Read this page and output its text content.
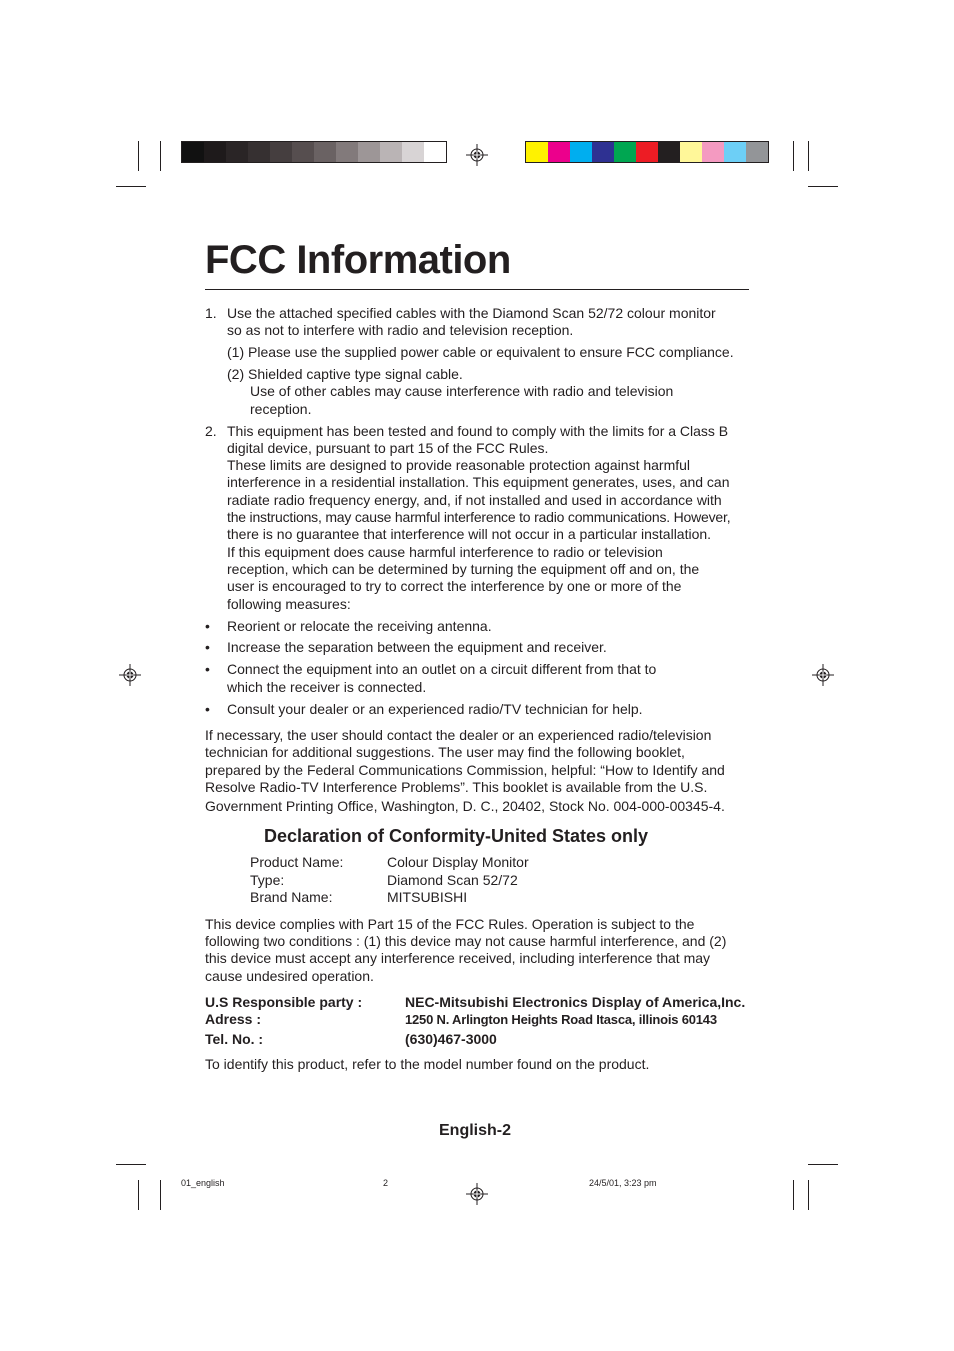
FCC Information
1. Use the attached specified cables with the Diamond Scan 52/72 colour monitor
so as not to interfere with radio and television reception.
(1) Please use the supplied power cable or equivalent to ensure FCC compliance.
(2) Shielded captive type signal cable.
Use of other cables may cause interference with radio and television
reception.
2. This equipment has been tested and found to comply with the limits for a Class B
digital device, pursuant to part 15 of the FCC Rules.
These limits are designed to provide reasonable protection against harmful
interference in a residential installation. This equipment generates, uses, and can
radiate radio frequency energy, and, if not installed and used in accordance with
the instructions, may cause harmful interference to radio communications. However,
there is no guarantee that interference will not occur in a particular installation.
If this equipment does cause harmful interference to radio or television
reception, which can be determined by turning the equipment off and on, the
user is encouraged to try to correct the interference by one or more of the
following measures:
• Reorient or relocate the receiving antenna.
• Increase the separation between the equipment and receiver.
• Connect the equipment into an outlet on a circuit different from that to
which the receiver is connected.
• Consult your dealer or an experienced radio/TV technician for help.
If necessary, the user should contact the dealer or an experienced radio/television
technician for additional suggestions. The user may find the following booklet,
prepared by the Federal Communications Commission, helpful: “How to Identify and
Resolve Radio-TV Interference Problems”. This booklet is available from the U.S.
Government Printing Office, Washington, D. C., 20402, Stock No. 004-000-00345-4.
Declaration of Conformity-United States only
Product Name:	Colour Display Monitor
Type:	Diamond Scan 52/72
Brand Name:	MITSUBISHI
This device complies with Part 15 of the FCC Rules. Operation is subject to the
following two conditions : (1) this device may not cause harmful interference, and (2)
this device must accept any interference received, including interference that may
cause undesired operation.
U.S Responsible party :	NEC-Mitsubishi Electronics Display of America,Inc.
Adress :	1250 N. Arlington Heights Road Itasca, illinois 60143
Tel. No. :	(630)467-3000
To identify this product, refer to the model number found on the product.
English-2
01_english	2	24/5/01, 3:23 pm
